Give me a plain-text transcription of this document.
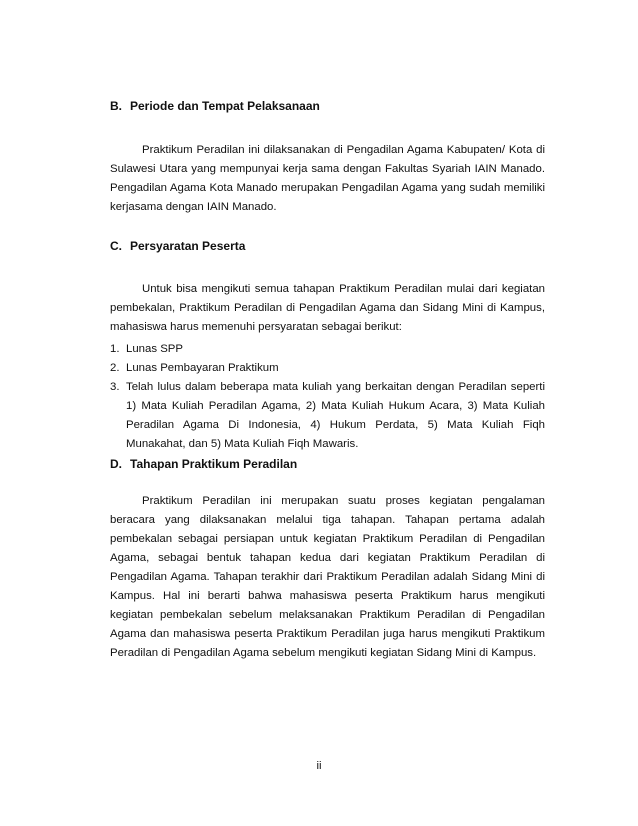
B. Periode dan Tempat Pelaksanaan

Praktikum Peradilan ini dilaksanakan di Pengadilan Agama Kabupaten/ Kota di Sulawesi Utara yang mempunyai kerja sama dengan Fakultas Syariah IAIN Manado. Pengadilan Agama Kota Manado merupakan Pengadilan Agama yang sudah memiliki kerjasama dengan IAIN Manado.

C. Persyaratan Peserta

Untuk bisa mengikuti semua tahapan Praktikum Peradilan mulai dari kegiatan pembekalan, Praktikum Peradilan di Pengadilan Agama dan Sidang Mini di Kampus, mahasiswa harus memenuhi persyaratan sebagai berikut:

1. Lunas SPP
2. Lunas Pembayaran Praktikum
3. Telah lulus dalam beberapa mata kuliah yang berkaitan dengan Peradilan seperti 1) Mata Kuliah Peradilan Agama, 2) Mata Kuliah Hukum Acara, 3) Mata Kuliah Peradilan Agama Di Indonesia, 4) Hukum Perdata, 5) Mata Kuliah Fiqh Munakahat, dan 5) Mata Kuliah Fiqh Mawaris.
D. Tahapan Praktikum Peradilan

Praktikum Peradilan ini merupakan suatu proses kegiatan pengalaman beracara yang dilaksanakan melalui tiga tahapan. Tahapan pertama adalah pembekalan sebagai persiapan untuk kegiatan Praktikum Peradilan di Pengadilan Agama, sebagai bentuk tahapan kedua dari kegiatan Praktikum Peradilan di Pengadilan Agama. Tahapan terakhir dari Praktikum Peradilan adalah Sidang Mini di Kampus. Hal ini berarti bahwa mahasiswa peserta Praktikum harus mengikuti kegiatan pembekalan sebelum melaksanakan Praktikum Peradilan di Pengadilan Agama dan mahasiswa peserta Praktikum Peradilan juga harus mengikuti Praktikum Peradilan di Pengadilan Agama sebelum mengikuti kegiatan Sidang Mini di Kampus.

ii
